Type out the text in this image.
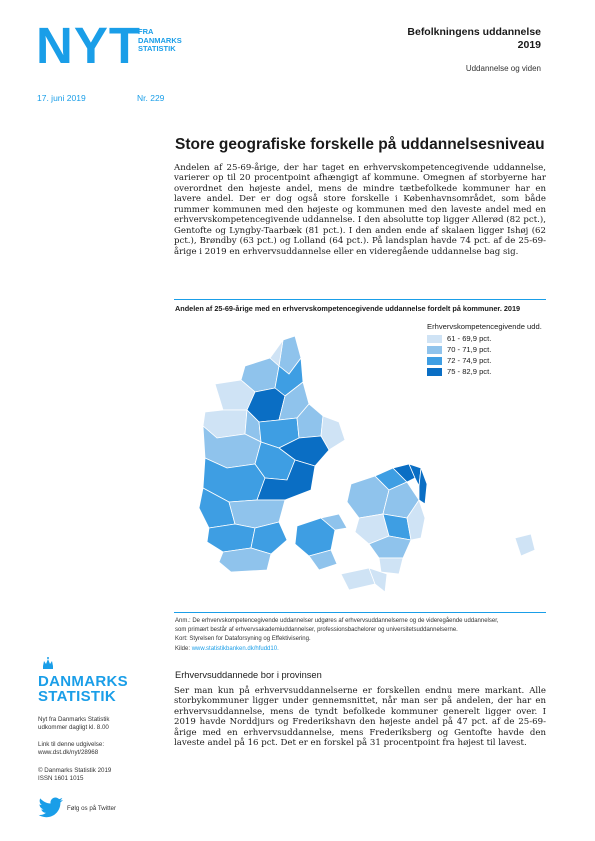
NYT
FRA
DANMARKS
STATISTIK
17. juni 2019	Nr. 229
Befolkningens uddannelse
2019
Uddannelse og viden
Store geografiske forskelle på uddannelsesniveau
Andelen af 25-69-årige, der har taget en erhvervskompetencegivende uddannelse, varierer op til 20 procentpoint afhængigt af kommune. Omegnen af storbyerne har overordnet den højeste andel, mens de mindre tætbefolkede kommuner har en lavere andel. Der er dog også store forskelle i Københavnsområdet, som både rummer kommunen med den højeste og kommunen med den laveste andel med en erhvervskompetencegivende uddannelse. I den absolutte top ligger Allerød (82 pct.), Gentofte og Lyngby-Taarbæk (81 pct.). I den anden ende af skalaen ligger Ishøj (62 pct.), Brøndby (63 pct.) og Lolland (64 pct.). På landsplan havde 74 pct. af de 25-69-årige i 2019 en erhvervsuddannelse eller en videregående uddannelse bag sig.
Andelen af 25-69-årige med en erhvervskompetencegivende uddannelse fordelt på kommuner. 2019
Erhvervskompetencegivende udd.
61 - 69,9 pct.
70 - 71,9 pct.
72 - 74,9 pct.
75 - 82,9 pct.
Anm.: De erhvervskompetencegivende uddannelser udgøres af erhvervsuddannelserne og de videregående uddannelser,
som primært består af erhvervsakademiuddannelser, professionsbachelorer og universitetsuddannelserne.
Kort: Styrelsen for Dataforsyning og Effektivisering.
Kilde: www.statistikbanken.dk/hfudd10.
Erhvervsuddannede bor i provinsen
Ser man kun på erhvervsuddannelserne er forskellen endnu mere markant. Alle storbykommuner ligger under gennemsnittet, når man ser på andelen, der har en erhvervsuddannelse, mens de tyndt befolkede kommuner generelt ligger over. I 2019 havde Norddjurs og Frederikshavn den højeste andel på 47 pct. af de 25-69-årige med en erhvervsuddannelse, mens Frederiksberg og Gentofte havde den laveste andel på 16 pct. Det er en forskel på 31 procentpoint fra højest til lavest.
DANMARKS
STATISTIK
Nyt fra Danmarks Statistik
udkommer dagligt kl. 8.00
Link til denne udgivelse:
www.dst.dk/nyt/28968
© Danmarks Statistik 2019
ISSN 1601 1015
Følg os på Twitter
